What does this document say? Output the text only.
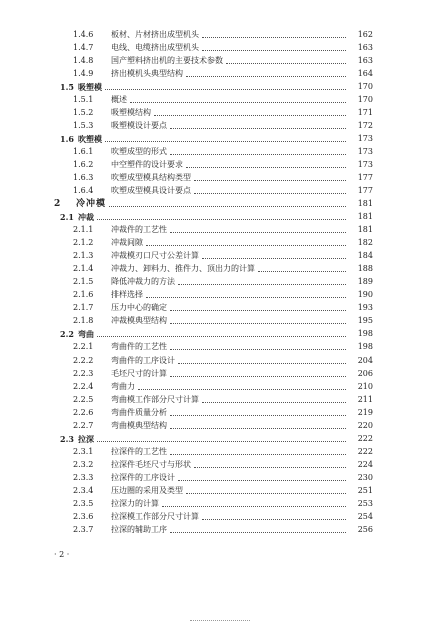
1.4.6 板材、片材挤出成型机头	162
1.4.7 电线、电缆挤出成型机头	163
1.4.8 国产塑料挤出机的主要技术参数	163
1.4.9 挤出模机头典型结构	164
1.5 吸塑模	170
1.5.1 概述	170
1.5.2 吸塑模结构	171
1.5.3 吸塑模设计要点	172
1.6 吹塑模	173
1.6.1 吹塑成型的形式	173
1.6.2 中空塑件的设计要求	173
1.6.3 吹塑成型模具结构类型	177
1.6.4 吹塑成型模具设计要点	177
2 冷冲模	181
2.1 冲裁	181
2.1.1 冲裁件的工艺性	181
2.1.2 冲裁间隙	182
2.1.3 冲裁模刃口尺寸公差计算	184
2.1.4 冲裁力、卸料力、推件力、顶出力的计算	188
2.1.5 降低冲裁力的方法	189
2.1.6 排样选择	190
2.1.7 压力中心的确定	193
2.1.8 冲裁模典型结构	195
2.2 弯曲	198
2.2.1 弯曲件的工艺性	198
2.2.2 弯曲件的工序设计	204
2.2.3 毛坯尺寸的计算	206
2.2.4 弯曲力	210
2.2.5 弯曲模工作部分尺寸计算	211
2.2.6 弯曲件质量分析	219
2.2.7 弯曲模典型结构	220
2.3 拉深	222
2.3.1 拉深件的工艺性	222
2.3.2 拉深件毛坯尺寸与形状	224
2.3.3 拉深件的工序设计	230
2.3.4 压边圈的采用及类型	251
2.3.5 拉深力的计算	253
2.3.6 拉深模工作部分尺寸计算	254
2.3.7 拉深的辅助工序	256
· 2 ·
